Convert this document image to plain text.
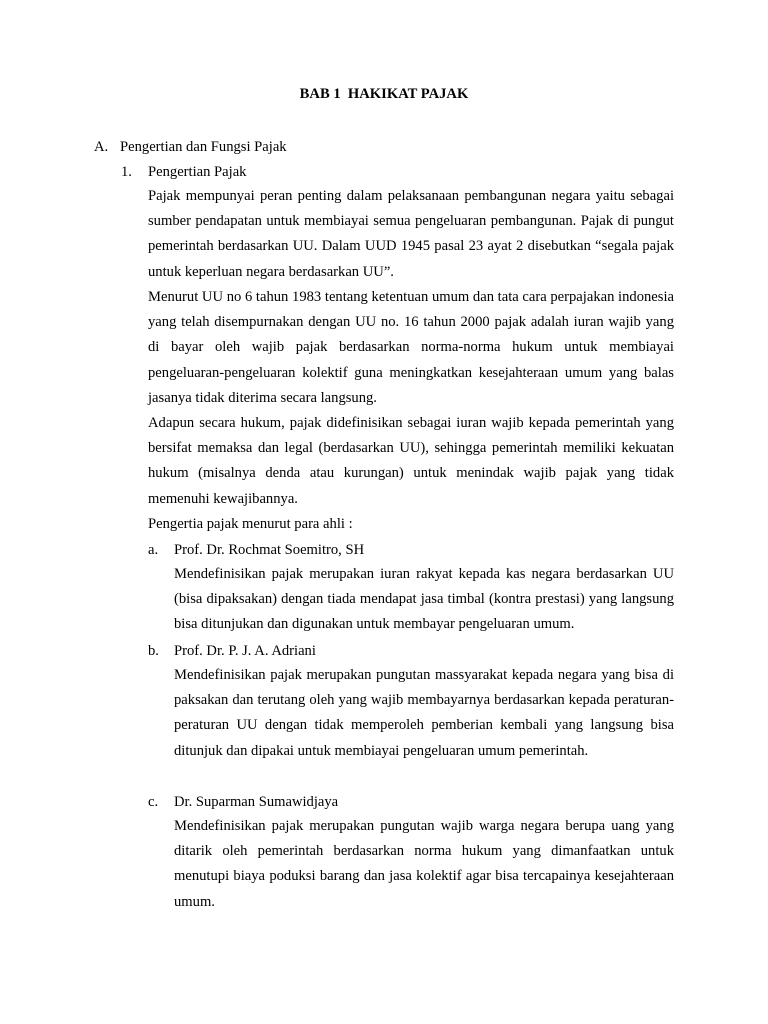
BAB 1  HAKIKAT PAJAK
A. Pengertian dan Fungsi Pajak
1. Pengertian Pajak
Pajak mempunyai peran penting dalam pelaksanaan pembangunan negara yaitu sebagai sumber pendapatan untuk membiayai semua pengeluaran pembangunan. Pajak di pungut pemerintah berdasarkan UU. Dalam UUD 1945 pasal 23 ayat 2 disebutkan “segala pajak untuk keperluan negara berdasarkan UU”.
Menurut UU no 6 tahun 1983 tentang ketentuan umum dan tata cara perpajakan indonesia yang telah disempurnakan dengan UU no. 16 tahun 2000 pajak adalah iuran wajib yang di bayar oleh wajib pajak berdasarkan norma-norma hukum untuk membiayai pengeluaran-pengeluaran kolektif guna meningkatkan kesejahteraan umum yang balas jasanya tidak diterima secara langsung.
Adapun secara hukum, pajak didefinisikan sebagai iuran wajib kepada pemerintah yang bersifat memaksa dan legal (berdasarkan UU), sehingga pemerintah memiliki kekuatan hukum (misalnya denda atau kurungan) untuk menindak wajib pajak yang tidak memenuhi kewajibannya.
Pengertia pajak menurut para ahli :
a. Prof. Dr. Rochmat Soemitro, SH
Mendefinisikan pajak merupakan iuran rakyat kepada kas negara berdasarkan UU (bisa dipaksakan) dengan tiada mendapat jasa timbal (kontra prestasi) yang langsung bisa ditunjukan dan digunakan untuk membayar pengeluaran umum.
b. Prof. Dr. P. J. A. Adriani
Mendefinisikan pajak merupakan pungutan massyarakat kepada negara yang bisa di paksakan dan terutang oleh yang wajib membayarnya berdasarkan kepada peraturan-peraturan UU dengan tidak memperoleh pemberian kembali yang langsung bisa ditunjuk dan dipakai untuk membiayai pengeluaran umum pemerintah.
c. Dr. Suparman Sumawidjaya
Mendefinisikan pajak merupakan pungutan wajib warga negara berupa uang yang ditarik oleh pemerintah berdasarkan norma hukum yang dimanfaatkan untuk menutupi biaya poduksi barang dan jasa kolektif agar bisa tercapainya kesejahteraan umum.
